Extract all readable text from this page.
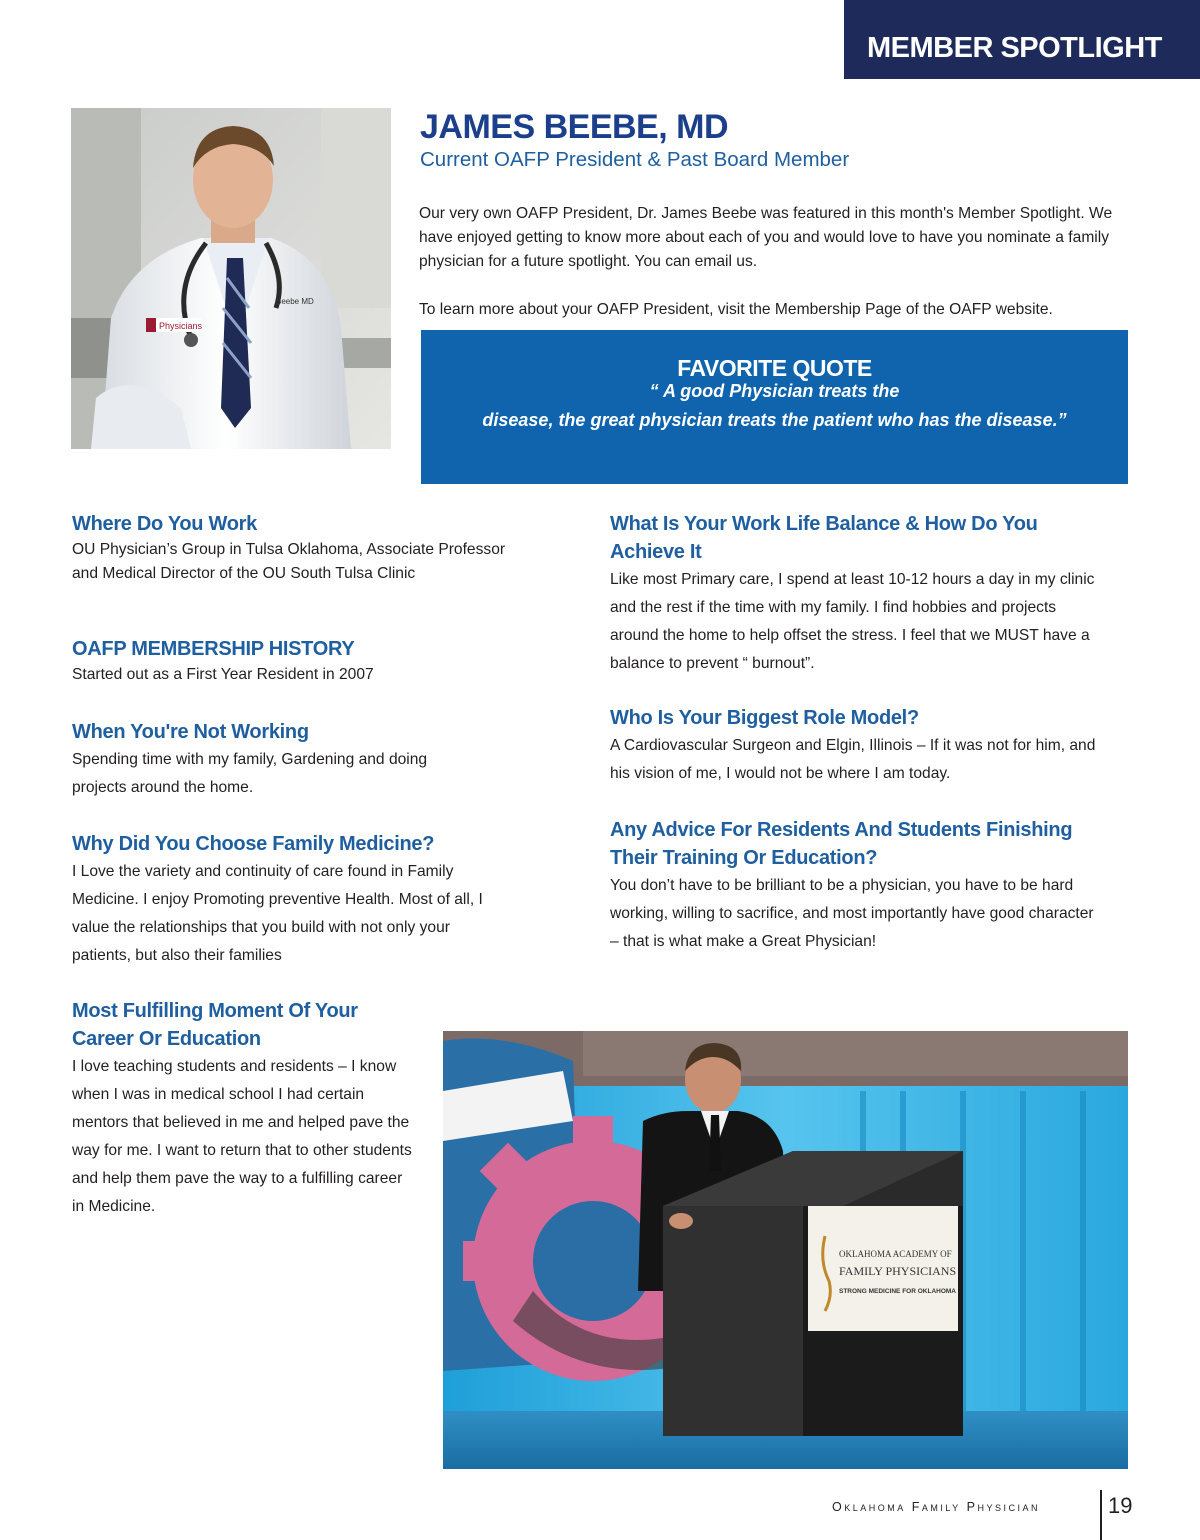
MEMBER SPOTLIGHT
Physicians
Beebe MD
JAMES BEEBE, MD
Current OAFP President & Past Board Member

Our very own OAFP President, Dr. James Beebe was featured in this month's Member Spotlight. We have enjoyed getting to know more about each of you and would love to have you nominate a family physician for a future spotlight. You can email us.

To learn more about your OAFP President, visit the Membership Page of the OAFP website.

FAVORITE QUOTE
“ A good Physician treats the
disease, the great physician treats the patient who has the disease.”
Where Do You Work
OU Physician’s Group in Tulsa Oklahoma, Associate Professor and Medical Director of the OU South Tulsa Clinic
OAFP MEMBERSHIP HISTORY
Started out as a First Year Resident in 2007
When You're Not Working
Spending time with my family, Gardening and doing projects around the home.
Why Did You Choose Family Medicine?
I Love the variety and continuity of care found in Family Medicine. I enjoy Promoting preventive Health. Most of all, I value the relationships that you build with not only your patients, but also their families
Most Fulfilling Moment Of Your Career Or Education
I love teaching students and residents – I know when I was in medical school I had certain mentors that believed in me and helped pave the way for me. I want to return that to other students and help them pave the way to a fulfilling career in Medicine.
What Is Your Work Life Balance & How Do You Achieve It
Like most Primary care, I spend at least 10-12 hours a day in my clinic and the rest if the time with my family. I find hobbies and projects around the home to help offset the stress. I feel that we MUST have a balance to prevent “ burnout”.
Who Is Your Biggest Role Model?
A Cardiovascular Surgeon and Elgin, Illinois – If it was not for him, and his vision of me, I would not be where I am today.
Any Advice For Residents And Students Finishing Their Training Or Education?
You don’t have to be brilliant to be a physician, you have to be hard working, willing to sacrifice, and most importantly have good character – that is what make a Great Physician!
OKLAHOMA ACADEMY OF
FAMILY PHYSICIANS
STRONG MEDICINE FOR OKLAHOMA
Oklahoma Family Physician	19
